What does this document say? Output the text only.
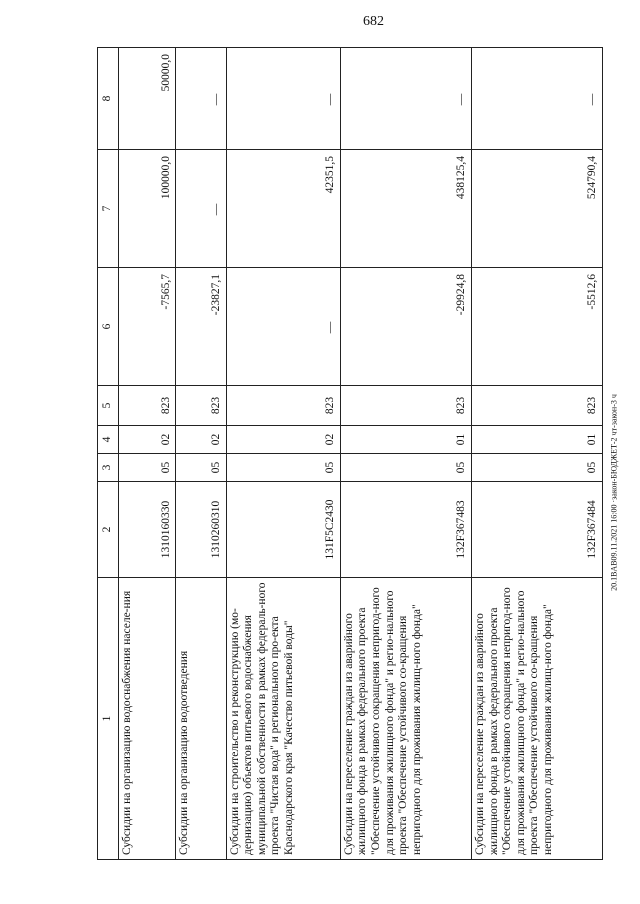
682
20.1BAB09.11.2021 16:00 ·закон-БЮДЖЕТ-2 чт-закон-3 ч
1	2	3	4	5	6	7	8
Субсидии на организацию водоснабжения населе-ния	1310160330	05	02	823	-7565,7	100000,0	50000,0
Субсидии на организацию водоотведения	1310260310	05	02	823	-23827,1	—	—
Субсидии на строительство и реконструкцию (мо-дернизацию) объектов питьевого водоснабжения муниципальной собственности в рамках федераль-ного проекта "Чистая вода" и регионального про-екта Краснодарского края "Качество питьевой воды"	131F5C2430	05	02	823	—	42351,5	—
Субсидии на переселение граждан из аварийного жилищного фонда в рамках федерального проекта "Обеспечение устойчивого сокращения непригод-ного для проживания жилищного фонда" и регио-нального проекта "Обеспечение устойчивого со-кращения непригодного для проживания жилищ-ного фонда"	132F367483	05	01	823	-29924,8	438125,4	—
Субсидии на переселение граждан из аварийного жилищного фонда в рамках федерального проекта "Обеспечение устойчивого сокращения непригод-ного для проживания жилищного фонда" и регио-нального проекта "Обеспечение устойчивого со-кращения непригодного для проживания жилищ-ного фонда"	132F367484	05	01	823	-5512,6	524790,4	—
